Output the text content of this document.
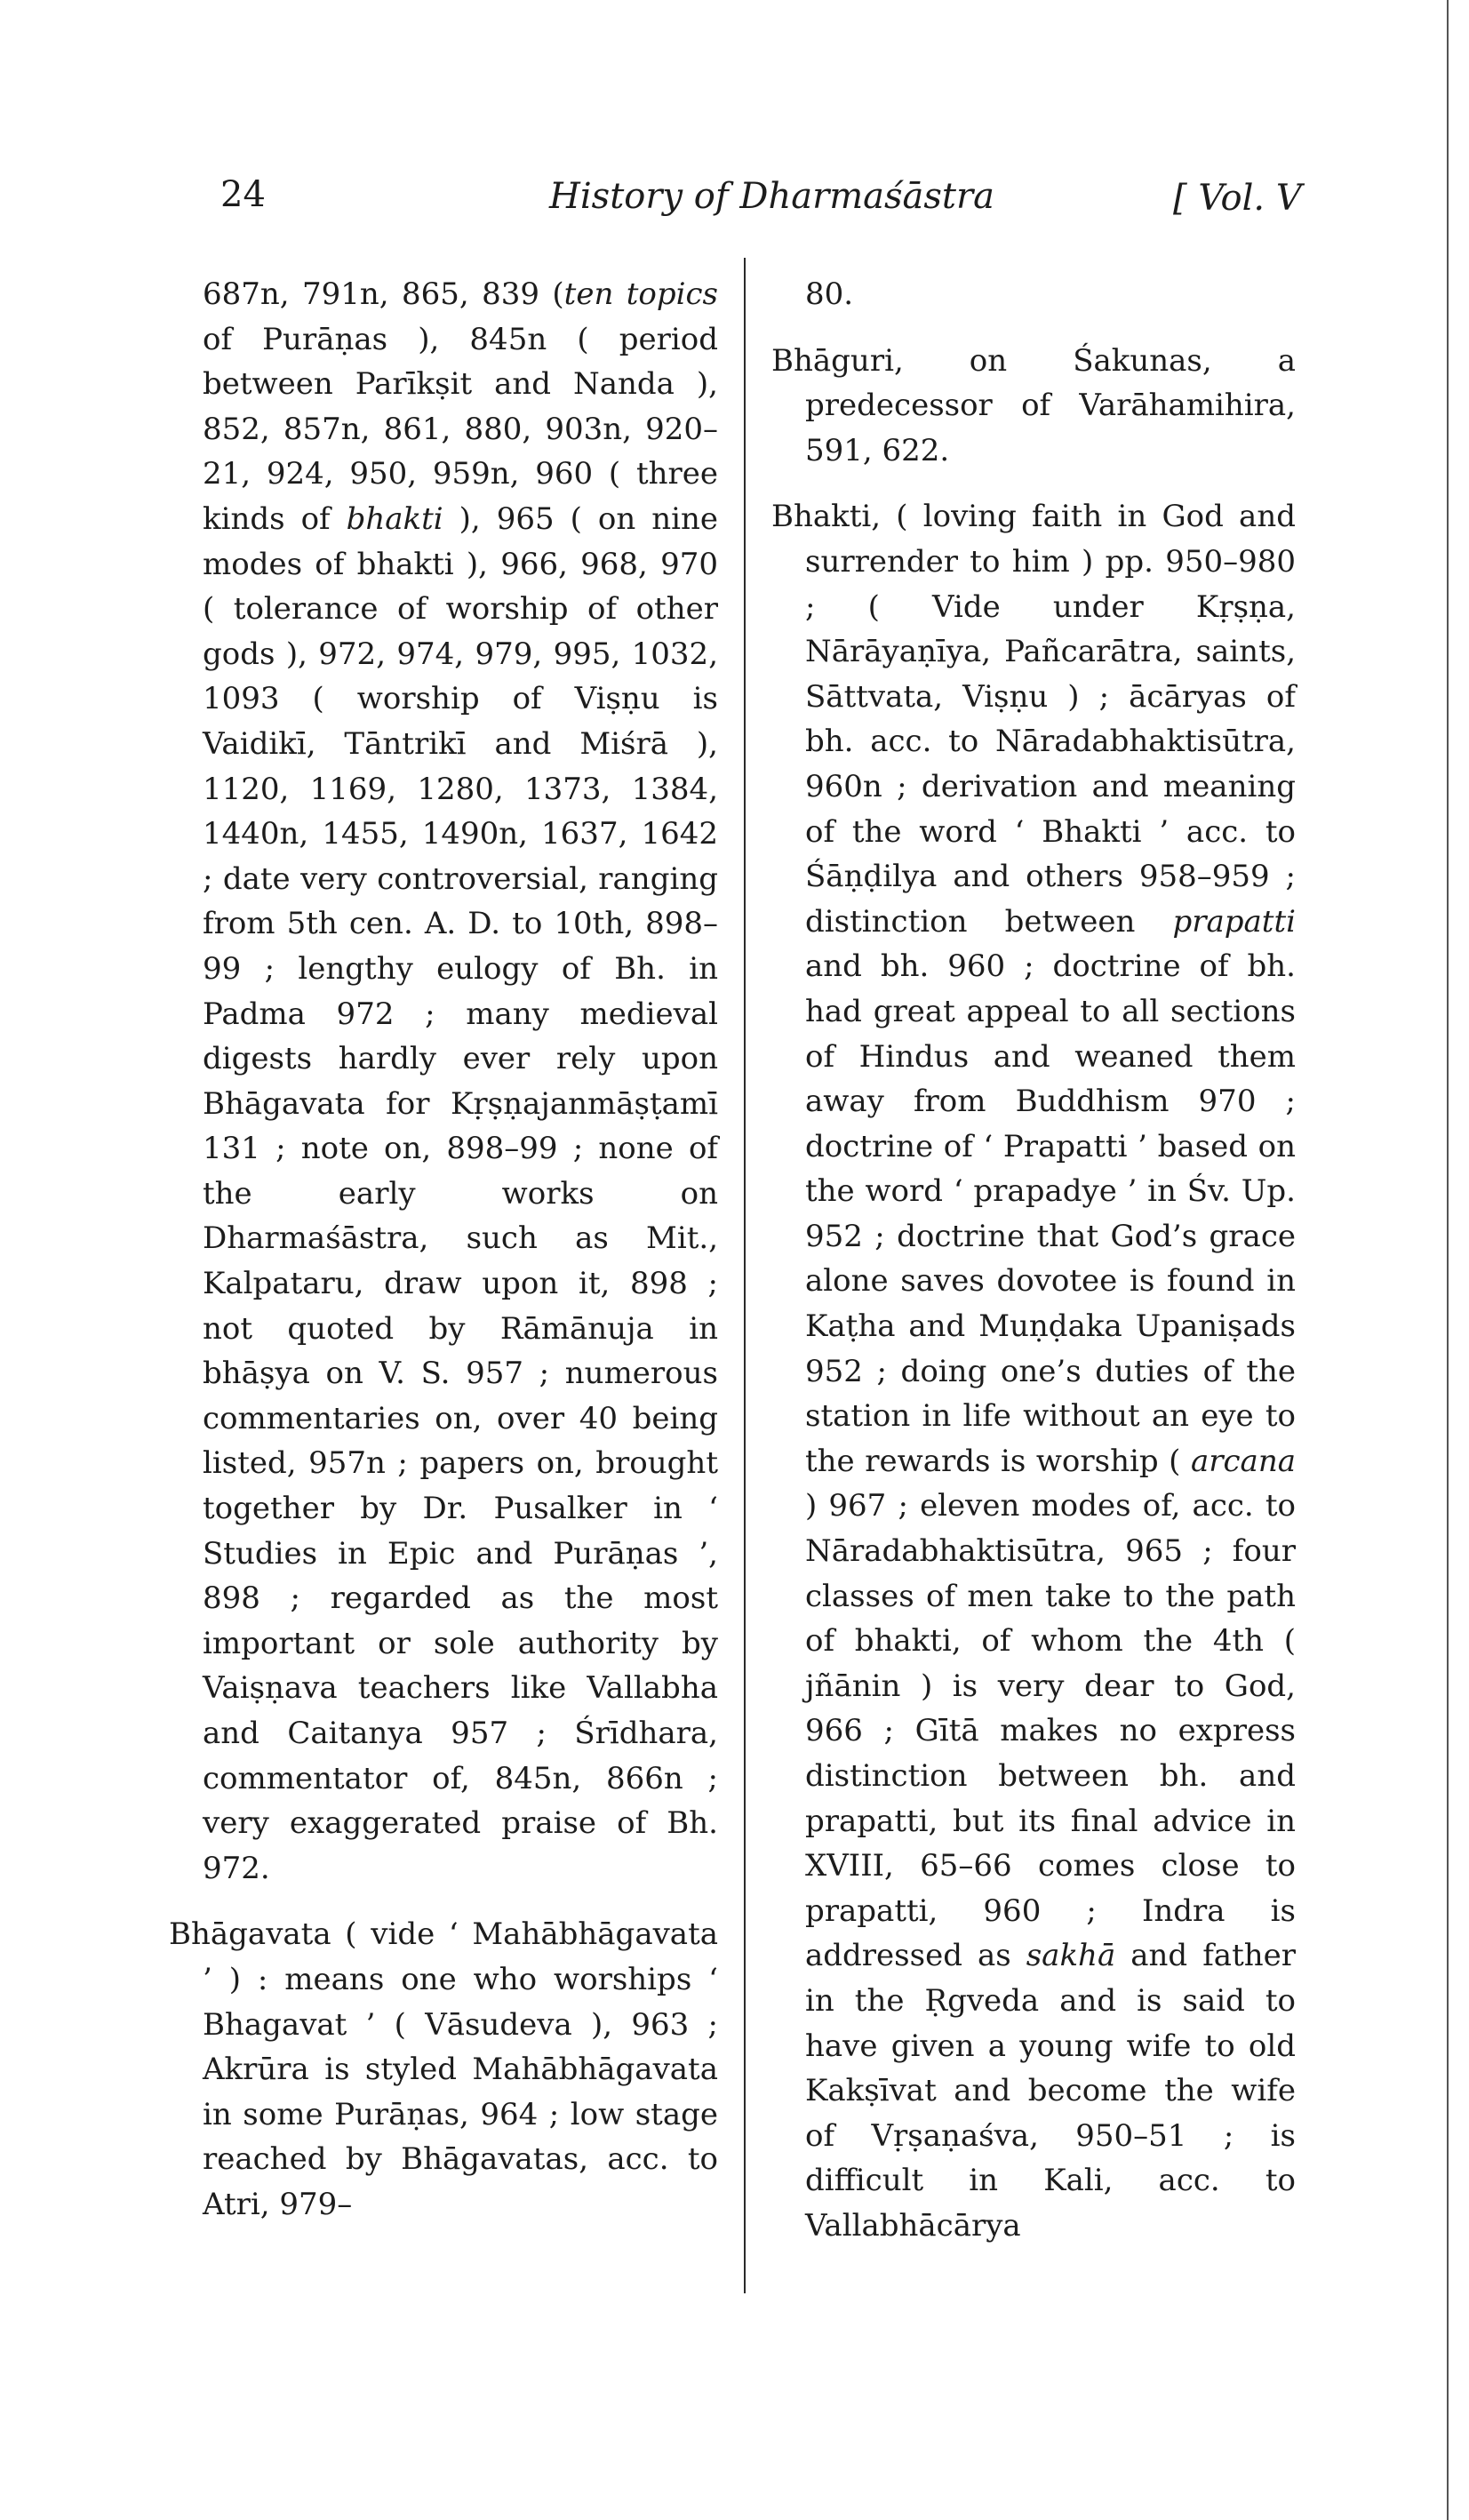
24	History of Dharmaśāstra	[ Vol. V

687n, 791n, 865, 839 (ten topics of Purāṇas ), 845n ( period between Parīkṣit and Nanda ), 852, 857n, 861, 880, 903n, 920–21, 924, 950, 959n, 960 ( three kinds of bhakti ), 965 ( on nine modes of bhakti ), 966, 968, 970 ( tolerance of worship of other gods ), 972, 974, 979, 995, 1032, 1093 ( worship of Viṣṇu is Vaidikī, Tāntrikī and Miśrā ), 1120, 1169, 1280, 1373, 1384, 1440n, 1455, 1490n, 1637, 1642 ; date very controversial, ranging from 5th cen. A. D. to 10th, 898–99 ; lengthy eulogy of Bh. in Padma 972 ; many medieval digests hardly ever rely upon Bhāgavata for Kṛṣṇajanmāṣṭamī 131 ; note on, 898–99 ; none of the early works on Dharmaśāstra, such as Mit., Kalpataru, draw upon it, 898 ; not quoted by Rāmānuja in bhāṣya on V. S. 957 ; numerous commentaries on, over 40 being listed, 957n ; papers on, brought together by Dr. Pusalker in ‘ Studies in Epic and Purāṇas ’, 898 ; regarded as the most important or sole authority by Vaiṣṇava teachers like Vallabha and Caitanya 957 ; Śrīdhara, commentator of, 845n, 866n ; very exaggerated praise of Bh. 972.

Bhāgavata ( vide ‘ Mahābhāgavata ’ ) : means one who worships ‘ Bhagavat ’ ( Vāsudeva ), 963 ; Akrūra is styled Mahābhāgavata in some Purāṇas, 964 ; low stage reached by Bhāgavatas, acc. to Atri, 979–

80.

Bhāguri, on Śakunas, a predecessor of Varāhamihira, 591, 622.

Bhakti, ( loving faith in God and surrender to him ) pp. 950–980 ; ( Vide under Kṛṣṇa, Nārāyaṇīya, Pañcarātra, saints, Sāttvata, Viṣṇu ) ; ācāryas of bh. acc. to Nāradabhaktisūtra, 960n ; derivation and meaning of the word ‘ Bhakti ’ acc. to Śāṇḍilya and others 958–959 ; distinction between prapatti and bh. 960 ; doctrine of bh. had great appeal to all sections of Hindus and weaned them away from Buddhism 970 ; doctrine of ‘ Prapatti ’ based on the word ‘ prapadye ’ in Śv. Up. 952 ; doctrine that God’s grace alone saves dovotee is found in Kaṭha and Muṇḍaka Upaniṣads 952 ; doing one’s duties of the station in life without an eye to the rewards is worship ( arcana ) 967 ; eleven modes of, acc. to Nāradabhaktisūtra, 965 ; four classes of men take to the path of bhakti, of whom the 4th ( jñānin ) is very dear to God, 966 ; Gītā makes no express distinction between bh. and prapatti, but its final advice in XVIII, 65–66 comes close to prapatti, 960 ; Indra is addressed as sakhā and father in the Ṛgveda and is said to have given a young wife to old Kakṣīvat and become the wife of Vṛṣaṇaśva, 950–51 ; is difficult in Kali, acc. to Vallabhācārya
